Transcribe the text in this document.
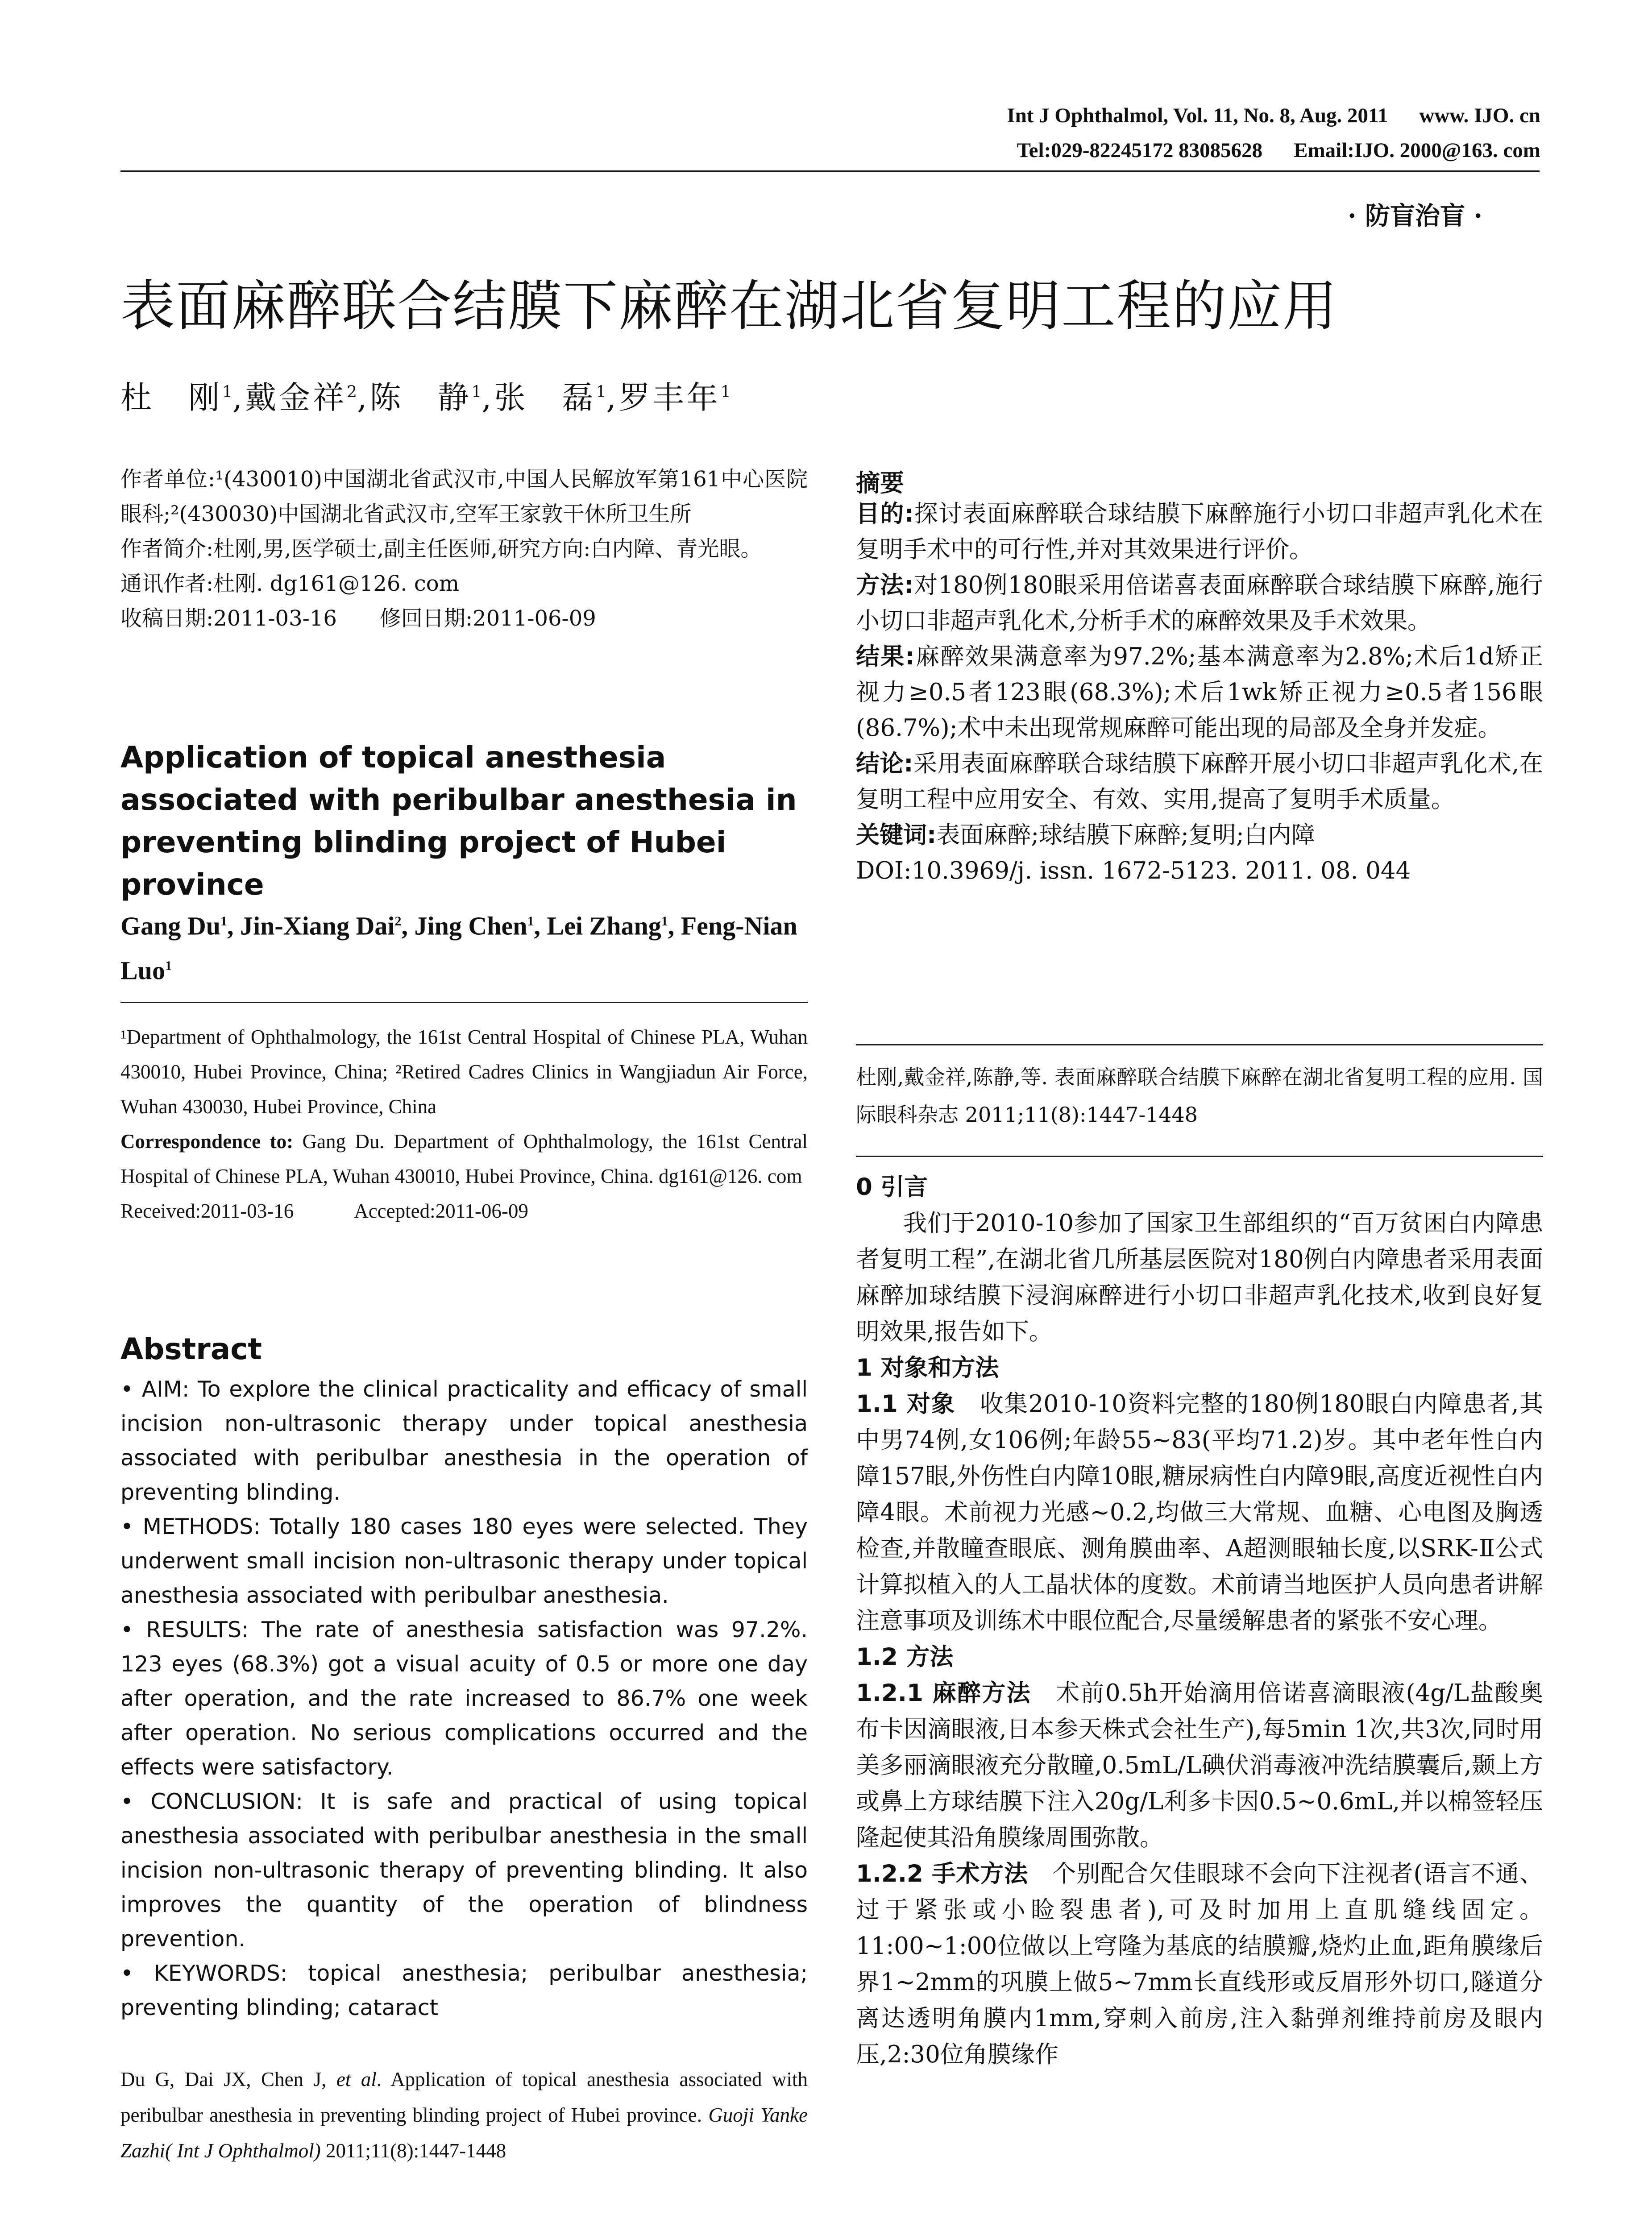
Int J Ophthalmol, Vol. 11, No. 8, Aug. 2011 www. IJO. cn
Tel:029-82245172 83085628 Email:IJO. 2000@163. com
· 防盲治盲 ·
表面麻醉联合结膜下麻醉在湖北省复明工程的应用
杜　刚$^1$,戴金祥$^2$,陈　静$^1$,张　磊$^1$,罗丰年$^1$

作者单位:¹(430010)中国湖北省武汉市,中国人民解放军第161中心医院眼科;²(430030)中国湖北省武汉市,空军王家敦干休所卫生所

作者简介:杜刚,男,医学硕士,副主任医师,研究方向:白内障、青光眼。

通讯作者:杜刚. dg161@126. com

收稿日期:2011-03-16　　修回日期:2011-06-09

Application of topical anesthesia associated with peribulbar anesthesia in preventing blinding project of Hubei province
Gang Du$^1$, Jin-Xiang Dai$^2$, Jing Chen$^1$, Lei Zhang$^1$, Feng-Nian Luo$^1$

¹Department of Ophthalmology, the 161st Central Hospital of Chinese PLA, Wuhan 430010, Hubei Province, China; ²Retired Cadres Clinics in Wangjiadun Air Force, Wuhan 430030, Hubei Province, China

Correspondence to: Gang Du. Department of Ophthalmology, the 161st Central Hospital of Chinese PLA, Wuhan 430010, Hubei Province, China. dg161@126. com

Received:2011-03-16　　　Accepted:2011-06-09

Abstract

• AIM: To explore the clinical practicality and efficacy of small incision non-ultrasonic therapy under topical anesthesia associated with peribulbar anesthesia in the operation of preventing blinding.

• METHODS: Totally 180 cases 180 eyes were selected. They underwent small incision non-ultrasonic therapy under topical anesthesia associated with peribulbar anesthesia.

• RESULTS: The rate of anesthesia satisfaction was 97.2%. 123 eyes (68.3%) got a visual acuity of 0.5 or more one day after operation, and the rate increased to 86.7% one week after operation. No serious complications occurred and the effects were satisfactory.

• CONCLUSION: It is safe and practical of using topical anesthesia associated with peribulbar anesthesia in the small incision non-ultrasonic therapy of preventing blinding. It also improves the quantity of the operation of blindness prevention.

• KEYWORDS: topical anesthesia; peribulbar anesthesia; preventing blinding; cataract

Du G, Dai JX, Chen J, et al. Application of topical anesthesia associated with peribulbar anesthesia in preventing blinding project of Hubei province. Guoji Yanke Zazhi( Int J Ophthalmol) 2011;11(8):1447-1448
摘要

目的:探讨表面麻醉联合球结膜下麻醉施行小切口非超声乳化术在复明手术中的可行性,并对其效果进行评价。

方法:对180例180眼采用倍诺喜表面麻醉联合球结膜下麻醉,施行小切口非超声乳化术,分析手术的麻醉效果及手术效果。

结果:麻醉效果满意率为97.2%;基本满意率为2.8%;术后1d矫正视力≥0.5者123眼(68.3%);术后1wk矫正视力≥0.5者156眼(86.7%);术中未出现常规麻醉可能出现的局部及全身并发症。

结论:采用表面麻醉联合球结膜下麻醉开展小切口非超声乳化术,在复明工程中应用安全、有效、实用,提高了复明手术质量。

关键词:表面麻醉;球结膜下麻醉;复明;白内障

DOI:10.3969/j. issn. 1672-5123. 2011. 08. 044

杜刚,戴金祥,陈静,等. 表面麻醉联合结膜下麻醉在湖北省复明工程的应用. 国际眼科杂志 2011;11(8):1447-1448

0 引言

我们于2010-10参加了国家卫生部组织的“百万贫困白内障患者复明工程”,在湖北省几所基层医院对180例白内障患者采用表面麻醉加球结膜下浸润麻醉进行小切口非超声乳化技术,收到良好复明效果,报告如下。

1 对象和方法

1.1 对象　收集2010-10资料完整的180例180眼白内障患者,其中男74例,女106例;年龄55~83(平均71.2)岁。其中老年性白内障157眼,外伤性白内障10眼,糖尿病性白内障9眼,高度近视性白内障4眼。术前视力光感~0.2,均做三大常规、血糖、心电图及胸透检查,并散瞳查眼底、测角膜曲率、A超测眼轴长度,以SRK-Ⅱ公式计算拟植入的人工晶状体的度数。术前请当地医护人员向患者讲解注意事项及训练术中眼位配合,尽量缓解患者的紧张不安心理。

1.2 方法

1.2.1 麻醉方法　术前0.5h开始滴用倍诺喜滴眼液(4g/L盐酸奥布卡因滴眼液,日本参天株式会社生产),每5min 1次,共3次,同时用美多丽滴眼液充分散瞳,0.5mL/L碘伏消毒液冲洗结膜囊后,颞上方或鼻上方球结膜下注入20g/L利多卡因0.5~0.6mL,并以棉签轻压隆起使其沿角膜缘周围弥散。

1.2.2 手术方法　个别配合欠佳眼球不会向下注视者(语言不通、过于紧张或小睑裂患者),可及时加用上直肌缝线固定。11:00~1:00位做以上穹隆为基底的结膜瓣,烧灼止血,距角膜缘后界1~2mm的巩膜上做5~7mm长直线形或反眉形外切口,隧道分离达透明角膜内1mm,穿刺入前房,注入黏弹剂维持前房及眼内压,2:30位角膜缘作
